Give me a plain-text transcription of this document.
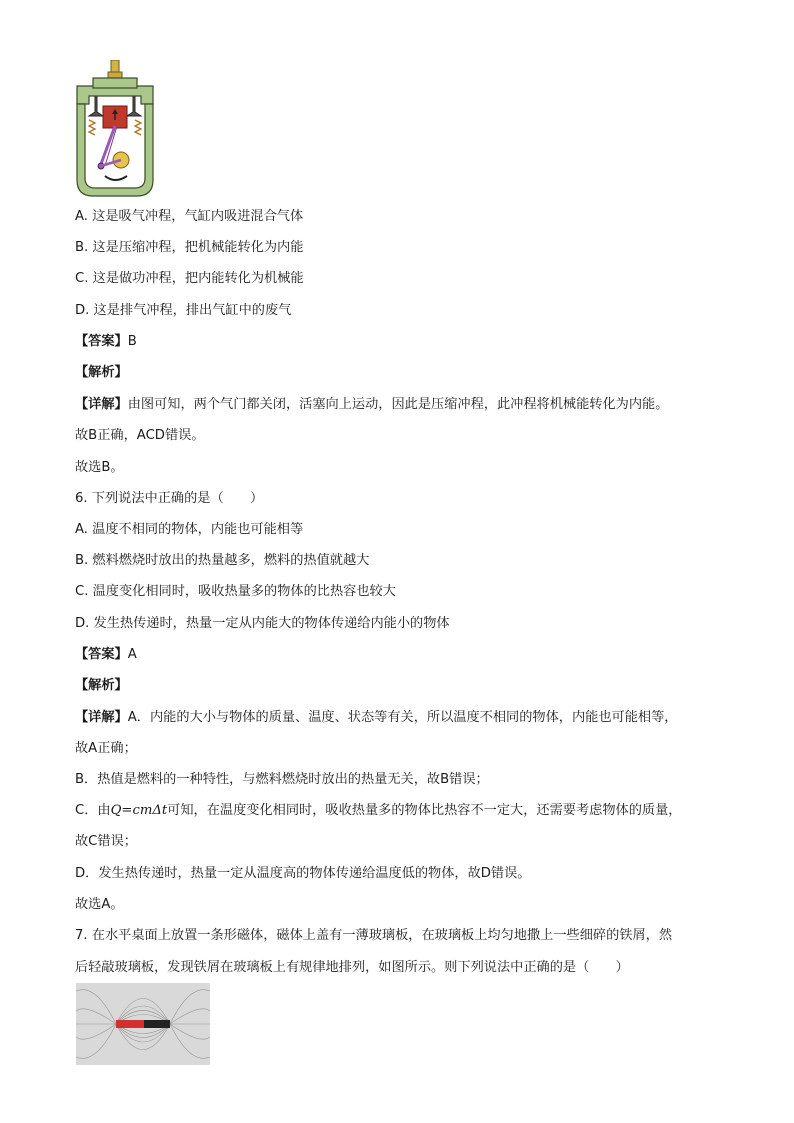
A. 这是吸气冲程，气缸内吸进混合气体
B. 这是压缩冲程，把机械能转化为内能
C. 这是做功冲程，把内能转化为机械能
D. 这是排气冲程，排出气缸中的废气
【答案】B
【解析】
【详解】由图可知，两个气门都关闭，活塞向上运动，因此是压缩冲程，此冲程将机械能转化为内能。
故B正确，ACD错误。
故选B。
6. 下列说法中正确的是（　　）
A. 温度不相同的物体，内能也可能相等
B. 燃料燃烧时放出的热量越多，燃料的热值就越大
C. 温度变化相同时，吸收热量多的物体的比热容也较大
D. 发生热传递时，热量一定从内能大的物体传递给内能小的物体
【答案】A
【解析】
【详解】A．内能的大小与物体的质量、温度、状态等有关，所以温度不相同的物体，内能也可能相等，
故A正确；
B．热值是燃料的一种特性，与燃料燃烧时放出的热量无关，故B错误；
C．由Q=cmΔt可知，在温度变化相同时，吸收热量多的物体比热容不一定大，还需要考虑物体的质量，
故C错误；
D．发生热传递时，热量一定从温度高的物体传递给温度低的物体，故D错误。
故选A。
7. 在水平桌面上放置一条形磁体，磁体上盖有一薄玻璃板，在玻璃板上均匀地撒上一些细碎的铁屑，然
后轻敲玻璃板，发现铁屑在玻璃板上有规律地排列，如图所示。则下列说法中正确的是（　　）
